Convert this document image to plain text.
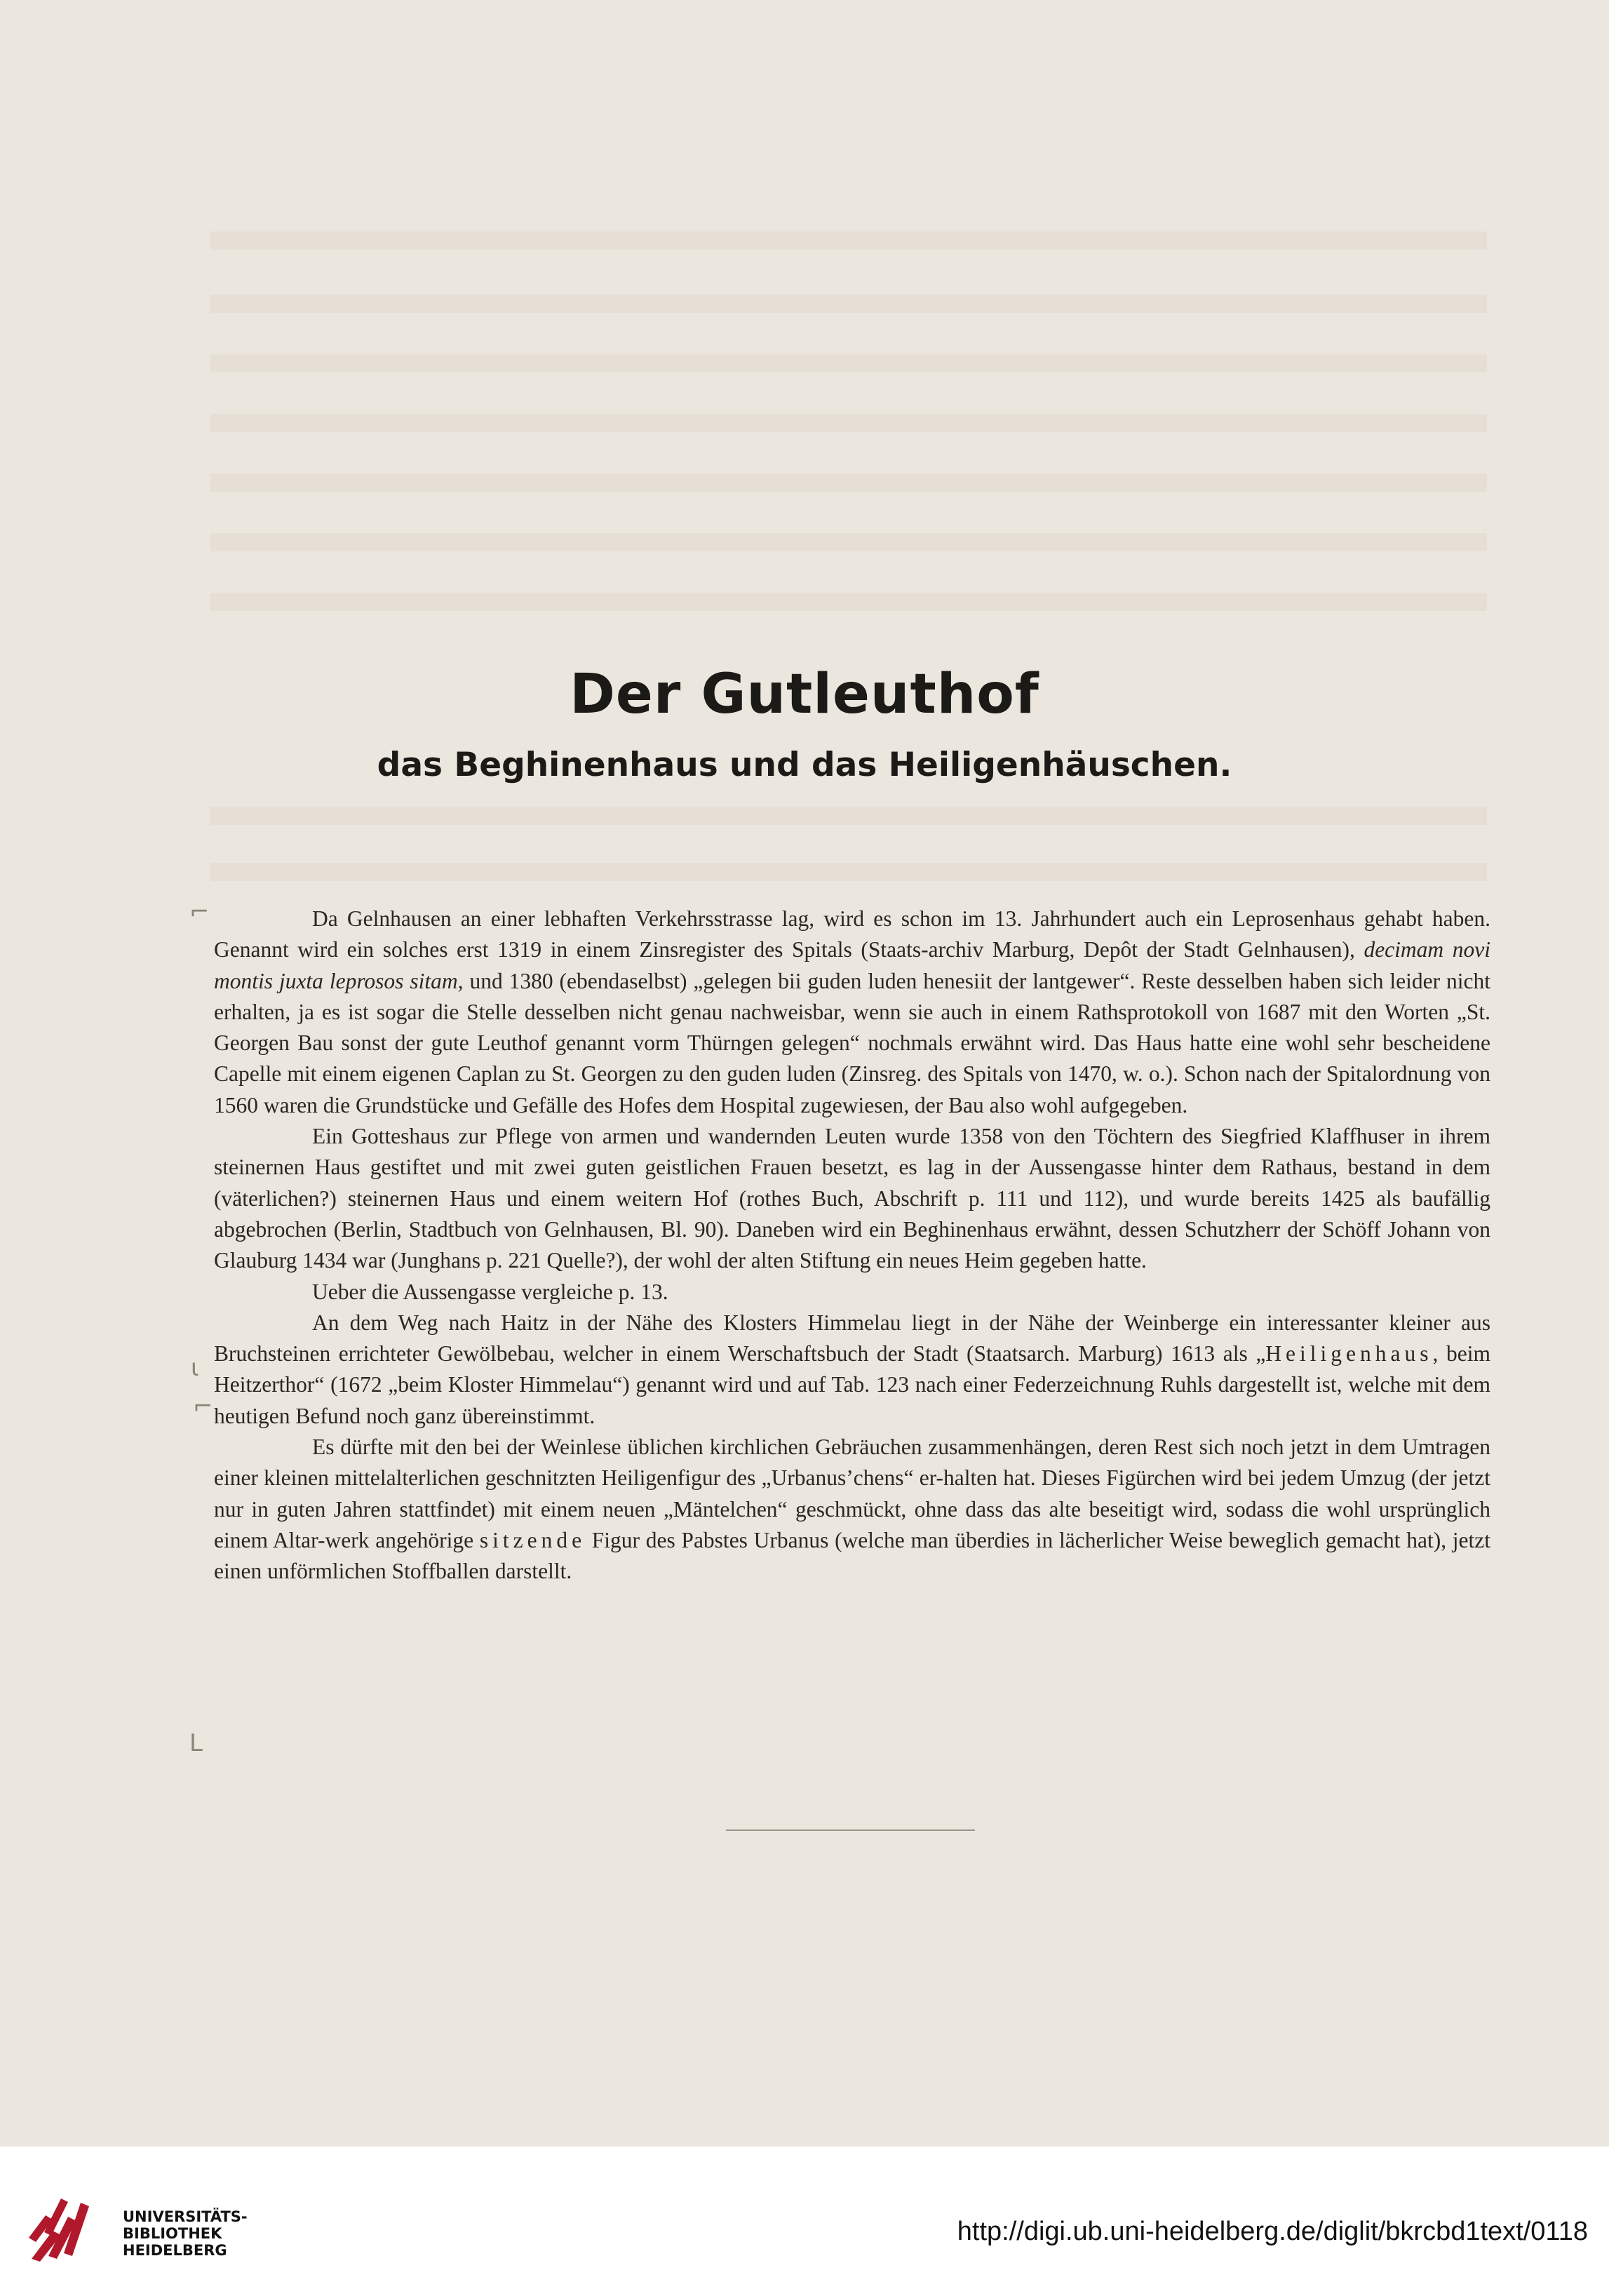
Der Gutleuthof
das Beghinenhaus und das Heiligenhäuschen.

Da Gelnhausen an einer lebhaften Verkehrsstrasse lag, wird es schon im 13. Jahrhundert auch ein Leprosenhaus gehabt haben. Genannt wird ein solches erst 1319 in einem Zinsregister des Spitals (Staats-archiv Marburg, Depôt der Stadt Gelnhausen), decimam novi montis juxta leprosos sitam, und 1380 (ebendaselbst) „gelegen bii guden luden henesiit der lantgewer“. Reste desselben haben sich leider nicht erhalten, ja es ist sogar die Stelle desselben nicht genau nachweisbar, wenn sie auch in einem Rathsprotokoll von 1687 mit den Worten „St. Georgen Bau sonst der gute Leuthof genannt vorm Thürngen gelegen“ nochmals erwähnt wird. Das Haus hatte eine wohl sehr bescheidene Capelle mit einem eigenen Caplan zu St. Georgen zu den guden luden (Zinsreg. des Spitals von 1470, w. o.). Schon nach der Spitalordnung von 1560 waren die Grundstücke und Gefälle des Hofes dem Hospital zugewiesen, der Bau also wohl aufgegeben.

Ein Gotteshaus zur Pflege von armen und wandernden Leuten wurde 1358 von den Töchtern des Siegfried Klaffhuser in ihrem steinernen Haus gestiftet und mit zwei guten geistlichen Frauen besetzt, es lag in der Aussengasse hinter dem Rathaus, bestand in dem (väterlichen?) steinernen Haus und einem weitern Hof (rothes Buch, Abschrift p. 111 und 112), und wurde bereits 1425 als baufällig abgebrochen (Berlin, Stadtbuch von Gelnhausen, Bl. 90). Daneben wird ein Beghinenhaus erwähnt, dessen Schutzherr der Schöff Johann von Glauburg 1434 war (Junghans p. 221 Quelle?), der wohl der alten Stiftung ein neues Heim gegeben hatte.

Ueber die Aussengasse vergleiche p. 13.

An dem Weg nach Haitz in der Nähe des Klosters Himmelau liegt in der Nähe der Weinberge ein interessanter kleiner aus Bruchsteinen errichteter Gewölbebau, welcher in einem Werschaftsbuch der Stadt (Staatsarch. Marburg) 1613 als „Heiligenhaus, beim Heitzerthor“ (1672 „beim Kloster Himmelau“) genannt wird und auf Tab. 123 nach einer Federzeichnung Ruhls dargestellt ist, welche mit dem heutigen Befund noch ganz übereinstimmt.

Es dürfte mit den bei der Weinlese üblichen kirchlichen Gebräuchen zusammenhängen, deren Rest sich noch jetzt in dem Umtragen einer kleinen mittelalterlichen geschnitzten Heiligenfigur des „Urbanus’chens“ er-halten hat. Dieses Figürchen wird bei jedem Umzug (der jetzt nur in guten Jahren stattfindet) mit einem neuen „Mäntelchen“ geschmückt, ohne dass das alte beseitigt wird, sodass die wohl ursprünglich einem Altar-werk angehörige sitzende Figur des Pabstes Urbanus (welche man überdies in lächerlicher Weise beweglich gemacht hat), jetzt einen unförmlichen Stoffballen darstellt.

⌐
ι
⌐
L
UNIVERSITÄTS-
BIBLIOTHEK
HEIDELBERG
http://digi.ub.uni-heidelberg.de/diglit/bkrcbd1text/0118
